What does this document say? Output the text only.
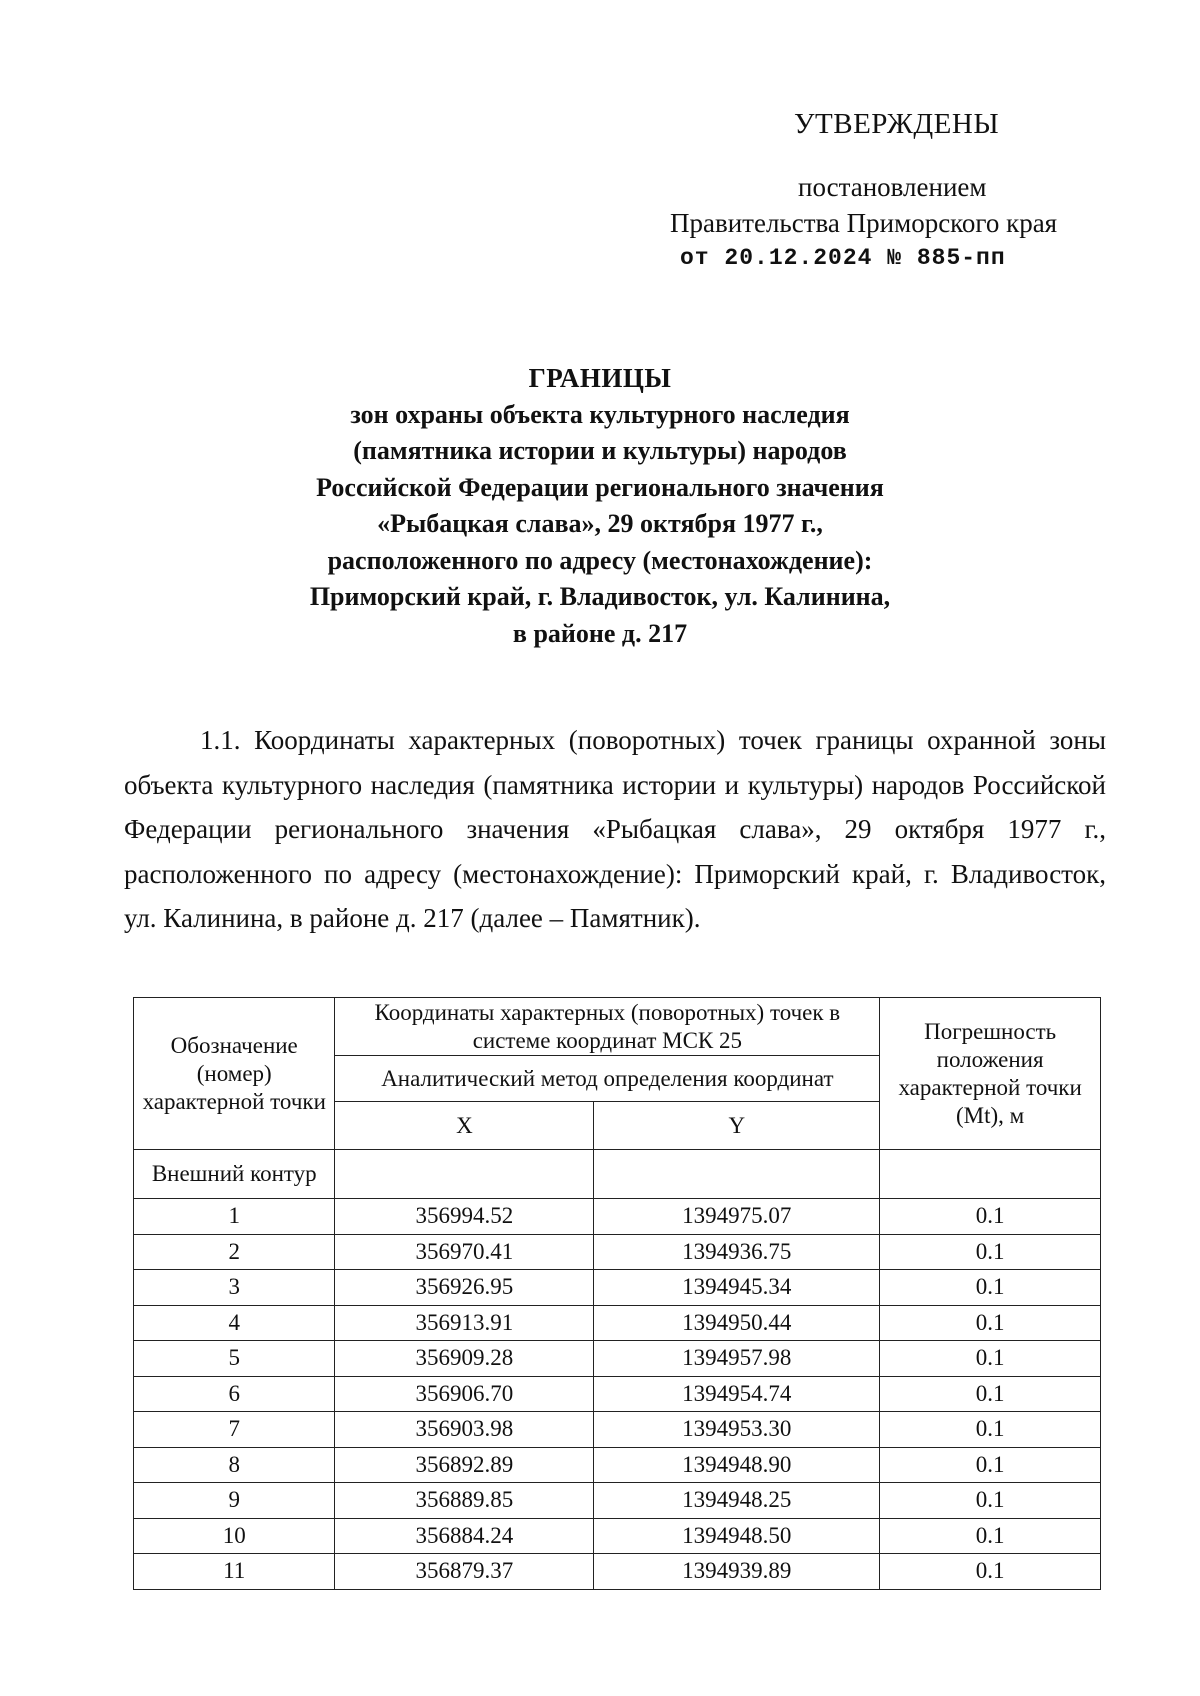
УТВЕРЖДЕНЫ
постановлением
Правительства Приморского края
от 20.12.2024 № 885-пп
ГРАНИЦЫ
зон охраны объекта культурного наследия
(памятника истории и культуры) народов
Российской Федерации регионального значения
«Рыбацкая слава», 29 октября 1977 г.,
расположенного по адресу (местонахождение):
Приморский край, г. Владивосток, ул. Калинина,
в районе д. 217

1.1. Координаты характерных (поворотных) точек границы охранной зоны объекта культурного наследия (памятника истории и культуры) народов Российской Федерации регионального значения «Рыбацкая слава», 29 октября 1977 г., расположенного по адресу (местонахождение): Приморский край, г. Владивосток, ул. Калинина, в районе д. 217 (далее – Памятник).

Обозначение (номер) характерной точки	Координаты характерных (поворотных) точек в системе координат МСК 25		Погрешность положения характерной точки (Mt), м
	Аналитический метод определения координат		
	X	Y	
Внешний контур			
1	356994.52	1394975.07	0.1
2	356970.41	1394936.75	0.1
3	356926.95	1394945.34	0.1
4	356913.91	1394950.44	0.1
5	356909.28	1394957.98	0.1
6	356906.70	1394954.74	0.1
7	356903.98	1394953.30	0.1
8	356892.89	1394948.90	0.1
9	356889.85	1394948.25	0.1
10	356884.24	1394948.50	0.1
11	356879.37	1394939.89	0.1
